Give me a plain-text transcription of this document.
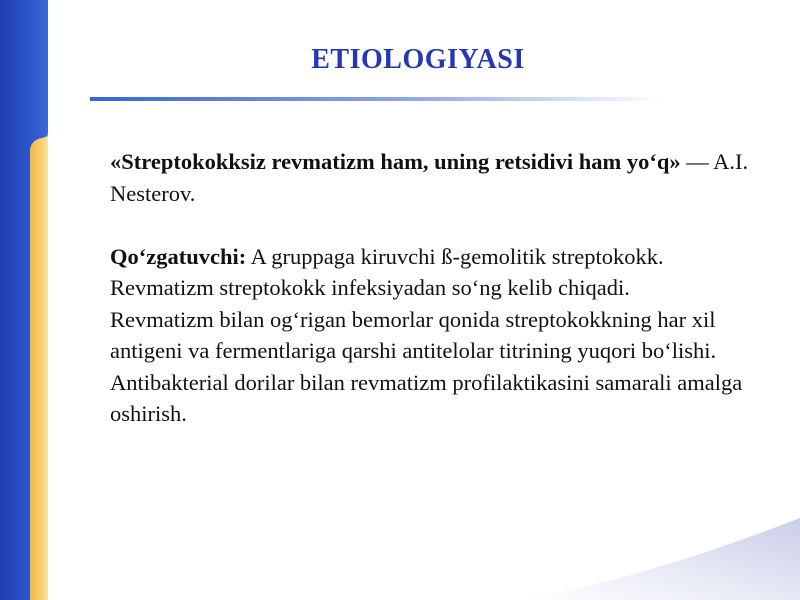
ETIOLOGIYASI

«Streptokokksiz revmatizm ham, uning retsidivi ham yo‘q» — A.I. Nesterov.

Qo‘zgatuvchi: A gruppaga kiruvchi ß-gemolitik streptokokk.

Revmatizm streptokokk infeksiyadan so‘ng kelib chiqadi.

Revmatizm bilan og‘rigan bemorlar qonida streptokokkning har xil antigeni va fermentlariga qarshi antitelolar titrining yuqori bo‘lishi.

Antibakterial dorilar bilan revmatizm profilaktikasini samarali amalga oshirish.
